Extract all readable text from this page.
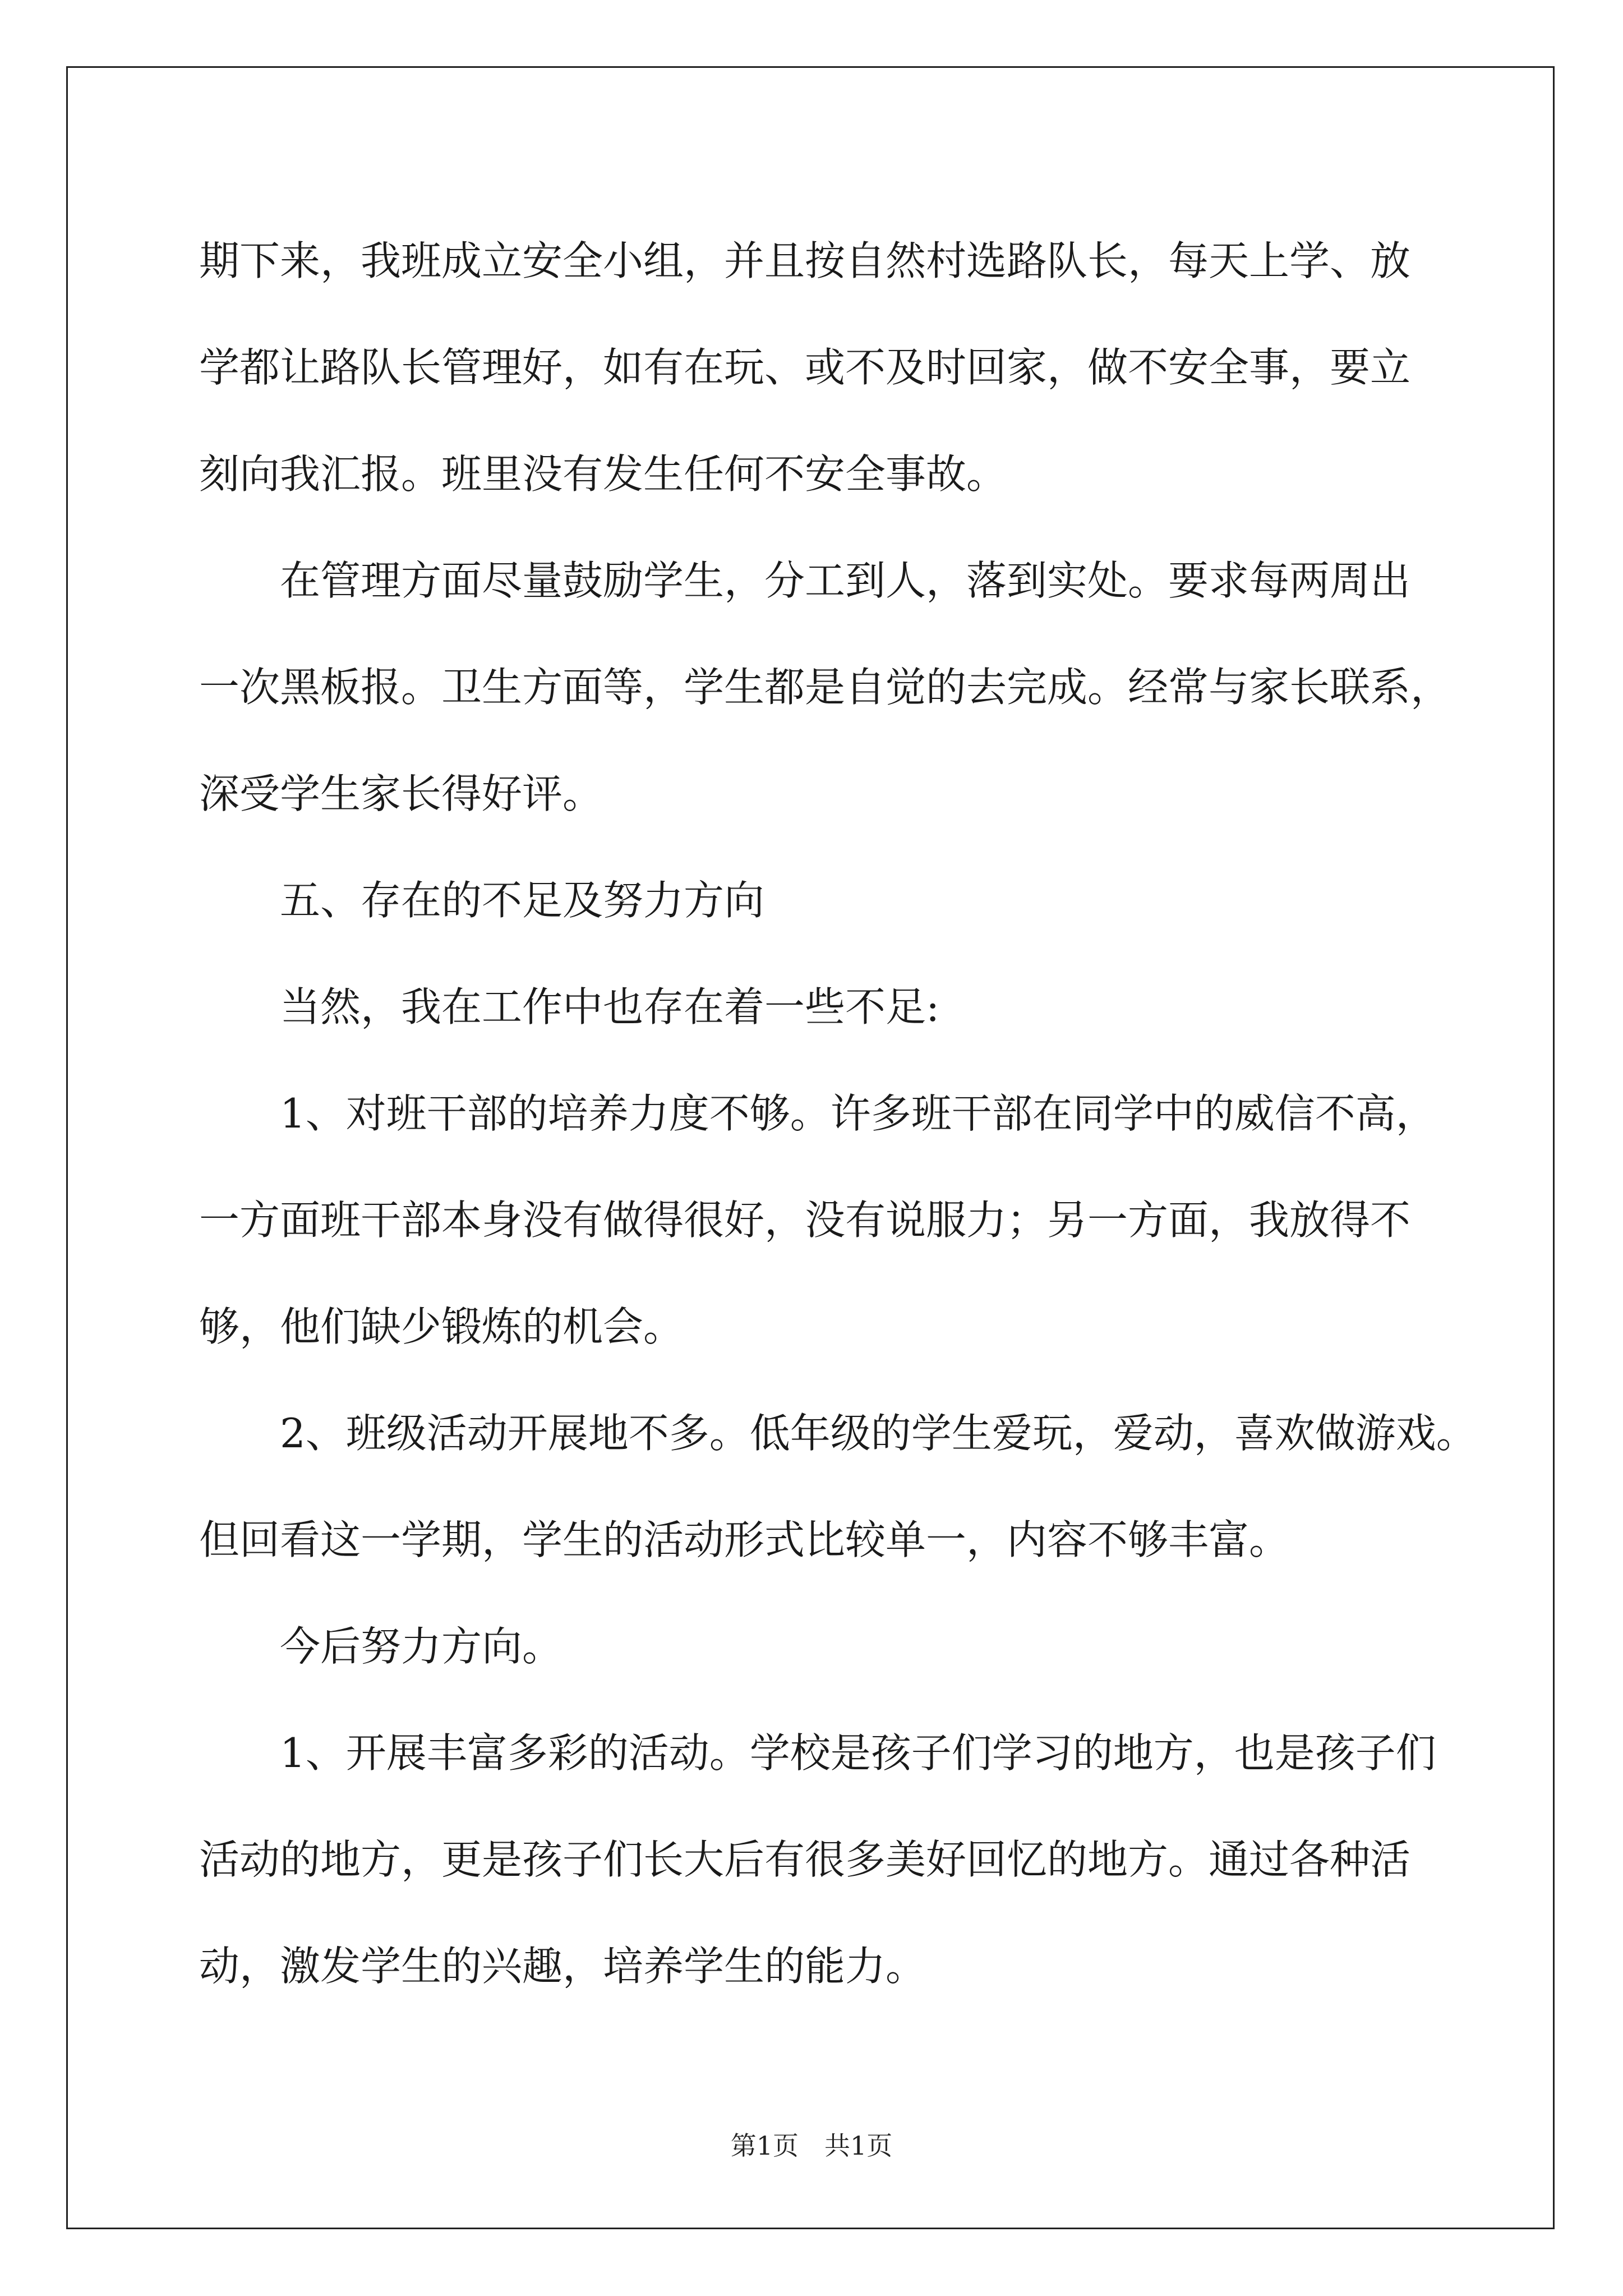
期下来，我班成立安全小组，并且按自然村选路队长，每天上学、放
学都让路队长管理好，如有在玩、或不及时回家，做不安全事，要立
刻向我汇报。班里没有发生任何不安全事故。
　　在管理方面尽量鼓励学生，分工到人，落到实处。要求每两周出
一次黑板报。卫生方面等，学生都是自觉的去完成。经常与家长联系，
深受学生家长得好评。
　　五、存在的不足及努力方向
　　当然，我在工作中也存在着一些不足:
　　1、对班干部的培养力度不够。许多班干部在同学中的威信不高，
一方面班干部本身没有做得很好，没有说服力；另一方面，我放得不
够，他们缺少锻炼的机会。
　　2、班级活动开展地不多。低年级的学生爱玩，爱动，喜欢做游戏。
但回看这一学期，学生的活动形式比较单一，内容不够丰富。
　　今后努力方向。
　　1、开展丰富多彩的活动。学校是孩子们学习的地方，也是孩子们
活动的地方，更是孩子们长大后有很多美好回忆的地方。通过各种活
动，激发学生的兴趣，培养学生的能力。
第1页　共1页
